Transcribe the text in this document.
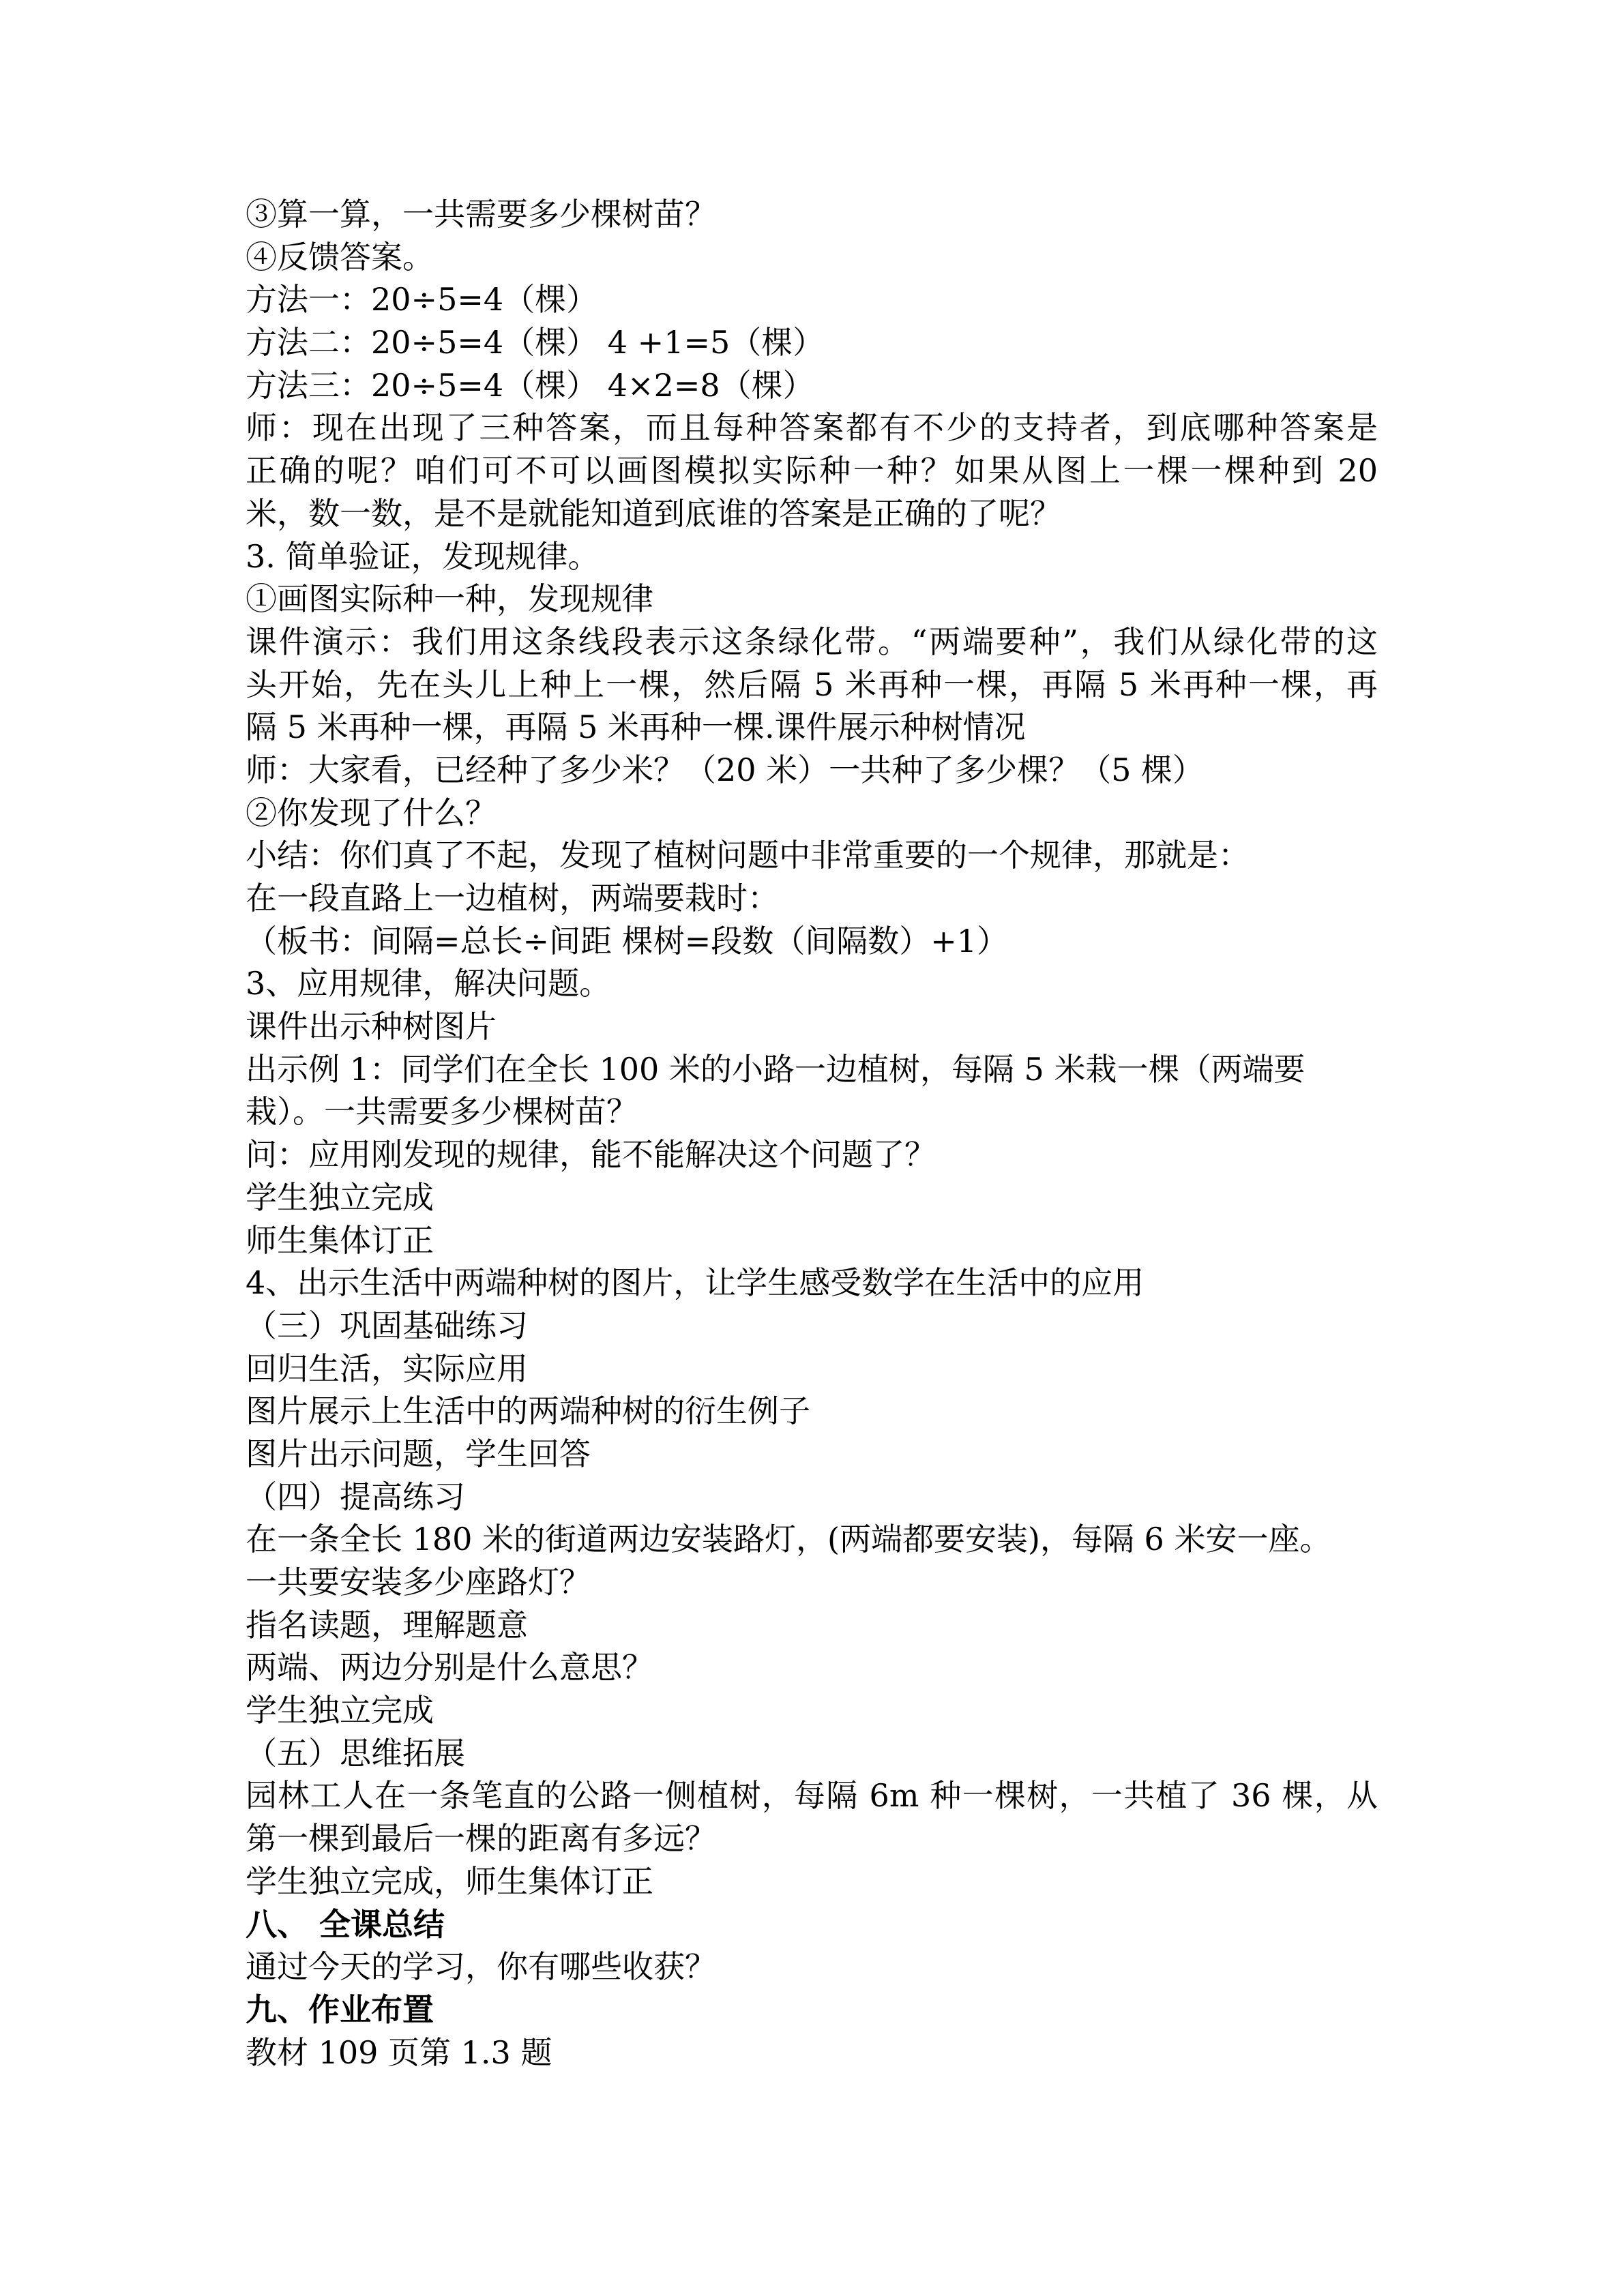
③算一算，一共需要多少棵树苗？
④反馈答案。
方法一：20÷5=4（棵）
方法二：20÷5=4（棵） 4 +1=5（棵）
方法三：20÷5=4（棵） 4×2=8（棵）
师：现在出现了三种答案，而且每种答案都有不少的支持者，到底哪种答案是
正确的呢？咱们可不可以画图模拟实际种一种？如果从图上一棵一棵种到 20
米，数一数，是不是就能知道到底谁的答案是正确的了呢？
3. 简单验证，发现规律。
①画图实际种一种，发现规律
课件演示：我们用这条线段表示这条绿化带。“两端要种”，我们从绿化带的这
头开始，先在头儿上种上一棵，然后隔 5 米再种一棵，再隔 5 米再种一棵，再
隔 5 米再种一棵，再隔 5 米再种一棵.课件展示种树情况
师：大家看，已经种了多少米？（20 米）一共种了多少棵？（5 棵）
②你发现了什么？
小结：你们真了不起，发现了植树问题中非常重要的一个规律，那就是：
在一段直路上一边植树，两端要栽时：
（板书：间隔=总长÷间距 棵树=段数（间隔数）+1）
3、应用规律，解决问题。
课件出示种树图片
出示例 1：同学们在全长 100 米的小路一边植树，每隔 5 米栽一棵（两端要
栽）。一共需要多少棵树苗？
问：应用刚发现的规律，能不能解决这个问题了？
学生独立完成
师生集体订正
4、出示生活中两端种树的图片，让学生感受数学在生活中的应用
（三）巩固基础练习
回归生活，实际应用
图片展示上生活中的两端种树的衍生例子
图片出示问题，学生回答
（四）提高练习
在一条全长 180 米的街道两边安装路灯，(两端都要安装)，每隔 6 米安一座。
一共要安装多少座路灯？
指名读题，理解题意
两端、两边分别是什么意思？
学生独立完成
（五）思维拓展
园林工人在一条笔直的公路一侧植树，每隔 6m 种一棵树，一共植了 36 棵，从
第一棵到最后一棵的距离有多远？
学生独立完成，师生集体订正
八、 全课总结
通过今天的学习，你有哪些收获？
九、作业布置
教材 109 页第 1.3 题
